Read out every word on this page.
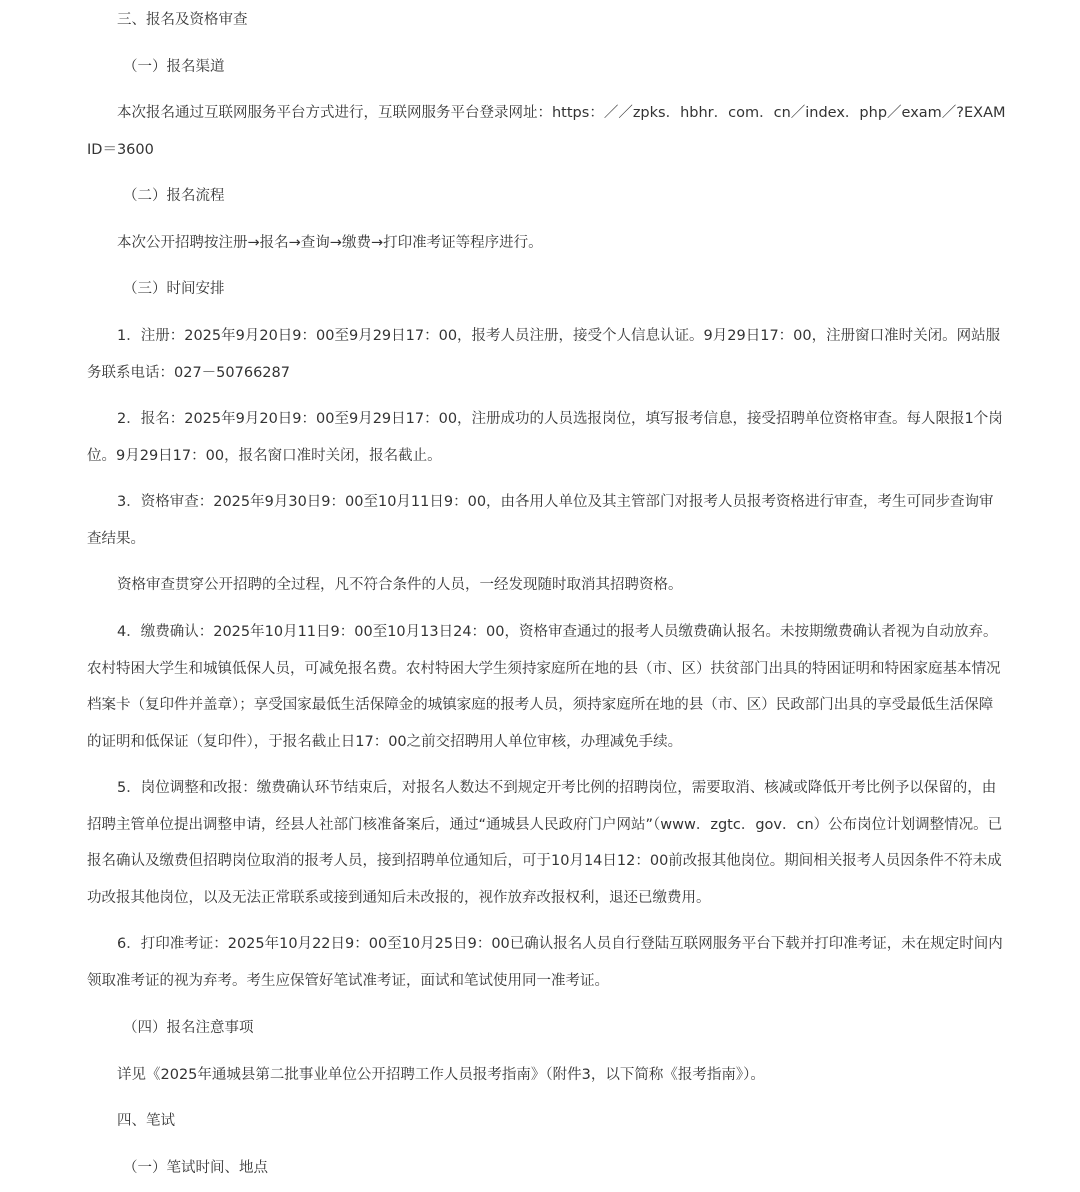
三、报名及资格审查

（一）报名渠道

本次报名通过互联网服务平台方式进行，互联网服务平台登录网址：https：／／zpks．hbhr．com．cn／index．php／exam／?EXAMID＝3600

（二）报名流程

本次公开招聘按注册→报名→查询→缴费→打印准考证等程序进行。

（三）时间安排

1．注册：2025年9月20日9：00至9月29日17：00，报考人员注册，接受个人信息认证。9月29日17：00，注册窗口准时关闭。网站服务联系电话：027－50766287

2．报名：2025年9月20日9：00至9月29日17：00，注册成功的人员选报岗位，填写报考信息，接受招聘单位资格审查。每人限报1个岗位。9月29日17：00，报名窗口准时关闭，报名截止。

3．资格审查：2025年9月30日9：00至10月11日9：00，由各用人单位及其主管部门对报考人员报考资格进行审查，考生可同步查询审查结果。

资格审查贯穿公开招聘的全过程，凡不符合条件的人员，一经发现随时取消其招聘资格。

4．缴费确认：2025年10月11日9：00至10月13日24：00，资格审查通过的报考人员缴费确认报名。未按期缴费确认者视为自动放弃。农村特困大学生和城镇低保人员，可减免报名费。农村特困大学生须持家庭所在地的县（市、区）扶贫部门出具的特困证明和特困家庭基本情况档案卡（复印件并盖章）；享受国家最低生活保障金的城镇家庭的报考人员，须持家庭所在地的县（市、区）民政部门出具的享受最低生活保障的证明和低保证（复印件），于报名截止日17：00之前交招聘用人单位审核，办理减免手续。

5．岗位调整和改报：缴费确认环节结束后，对报名人数达不到规定开考比例的招聘岗位，需要取消、核减或降低开考比例予以保留的，由招聘主管单位提出调整申请，经县人社部门核准备案后，通过“通城县人民政府门户网站”（www．zgtc．gov．cn）公布岗位计划调整情况。已报名确认及缴费但招聘岗位取消的报考人员，接到招聘单位通知后，可于10月14日12：00前改报其他岗位。期间相关报考人员因条件不符未成功改报其他岗位，以及无法正常联系或接到通知后未改报的，视作放弃改报权利，退还已缴费用。

6．打印准考证：2025年10月22日9：00至10月25日9：00已确认报名人员自行登陆互联网服务平台下载并打印准考证，未在规定时间内领取准考证的视为弃考。考生应保管好笔试准考证，面试和笔试使用同一准考证。

（四）报名注意事项

详见《2025年通城县第二批事业单位公开招聘工作人员报考指南》（附件3，以下简称《报考指南》）。

四、笔试

（一）笔试时间、地点
